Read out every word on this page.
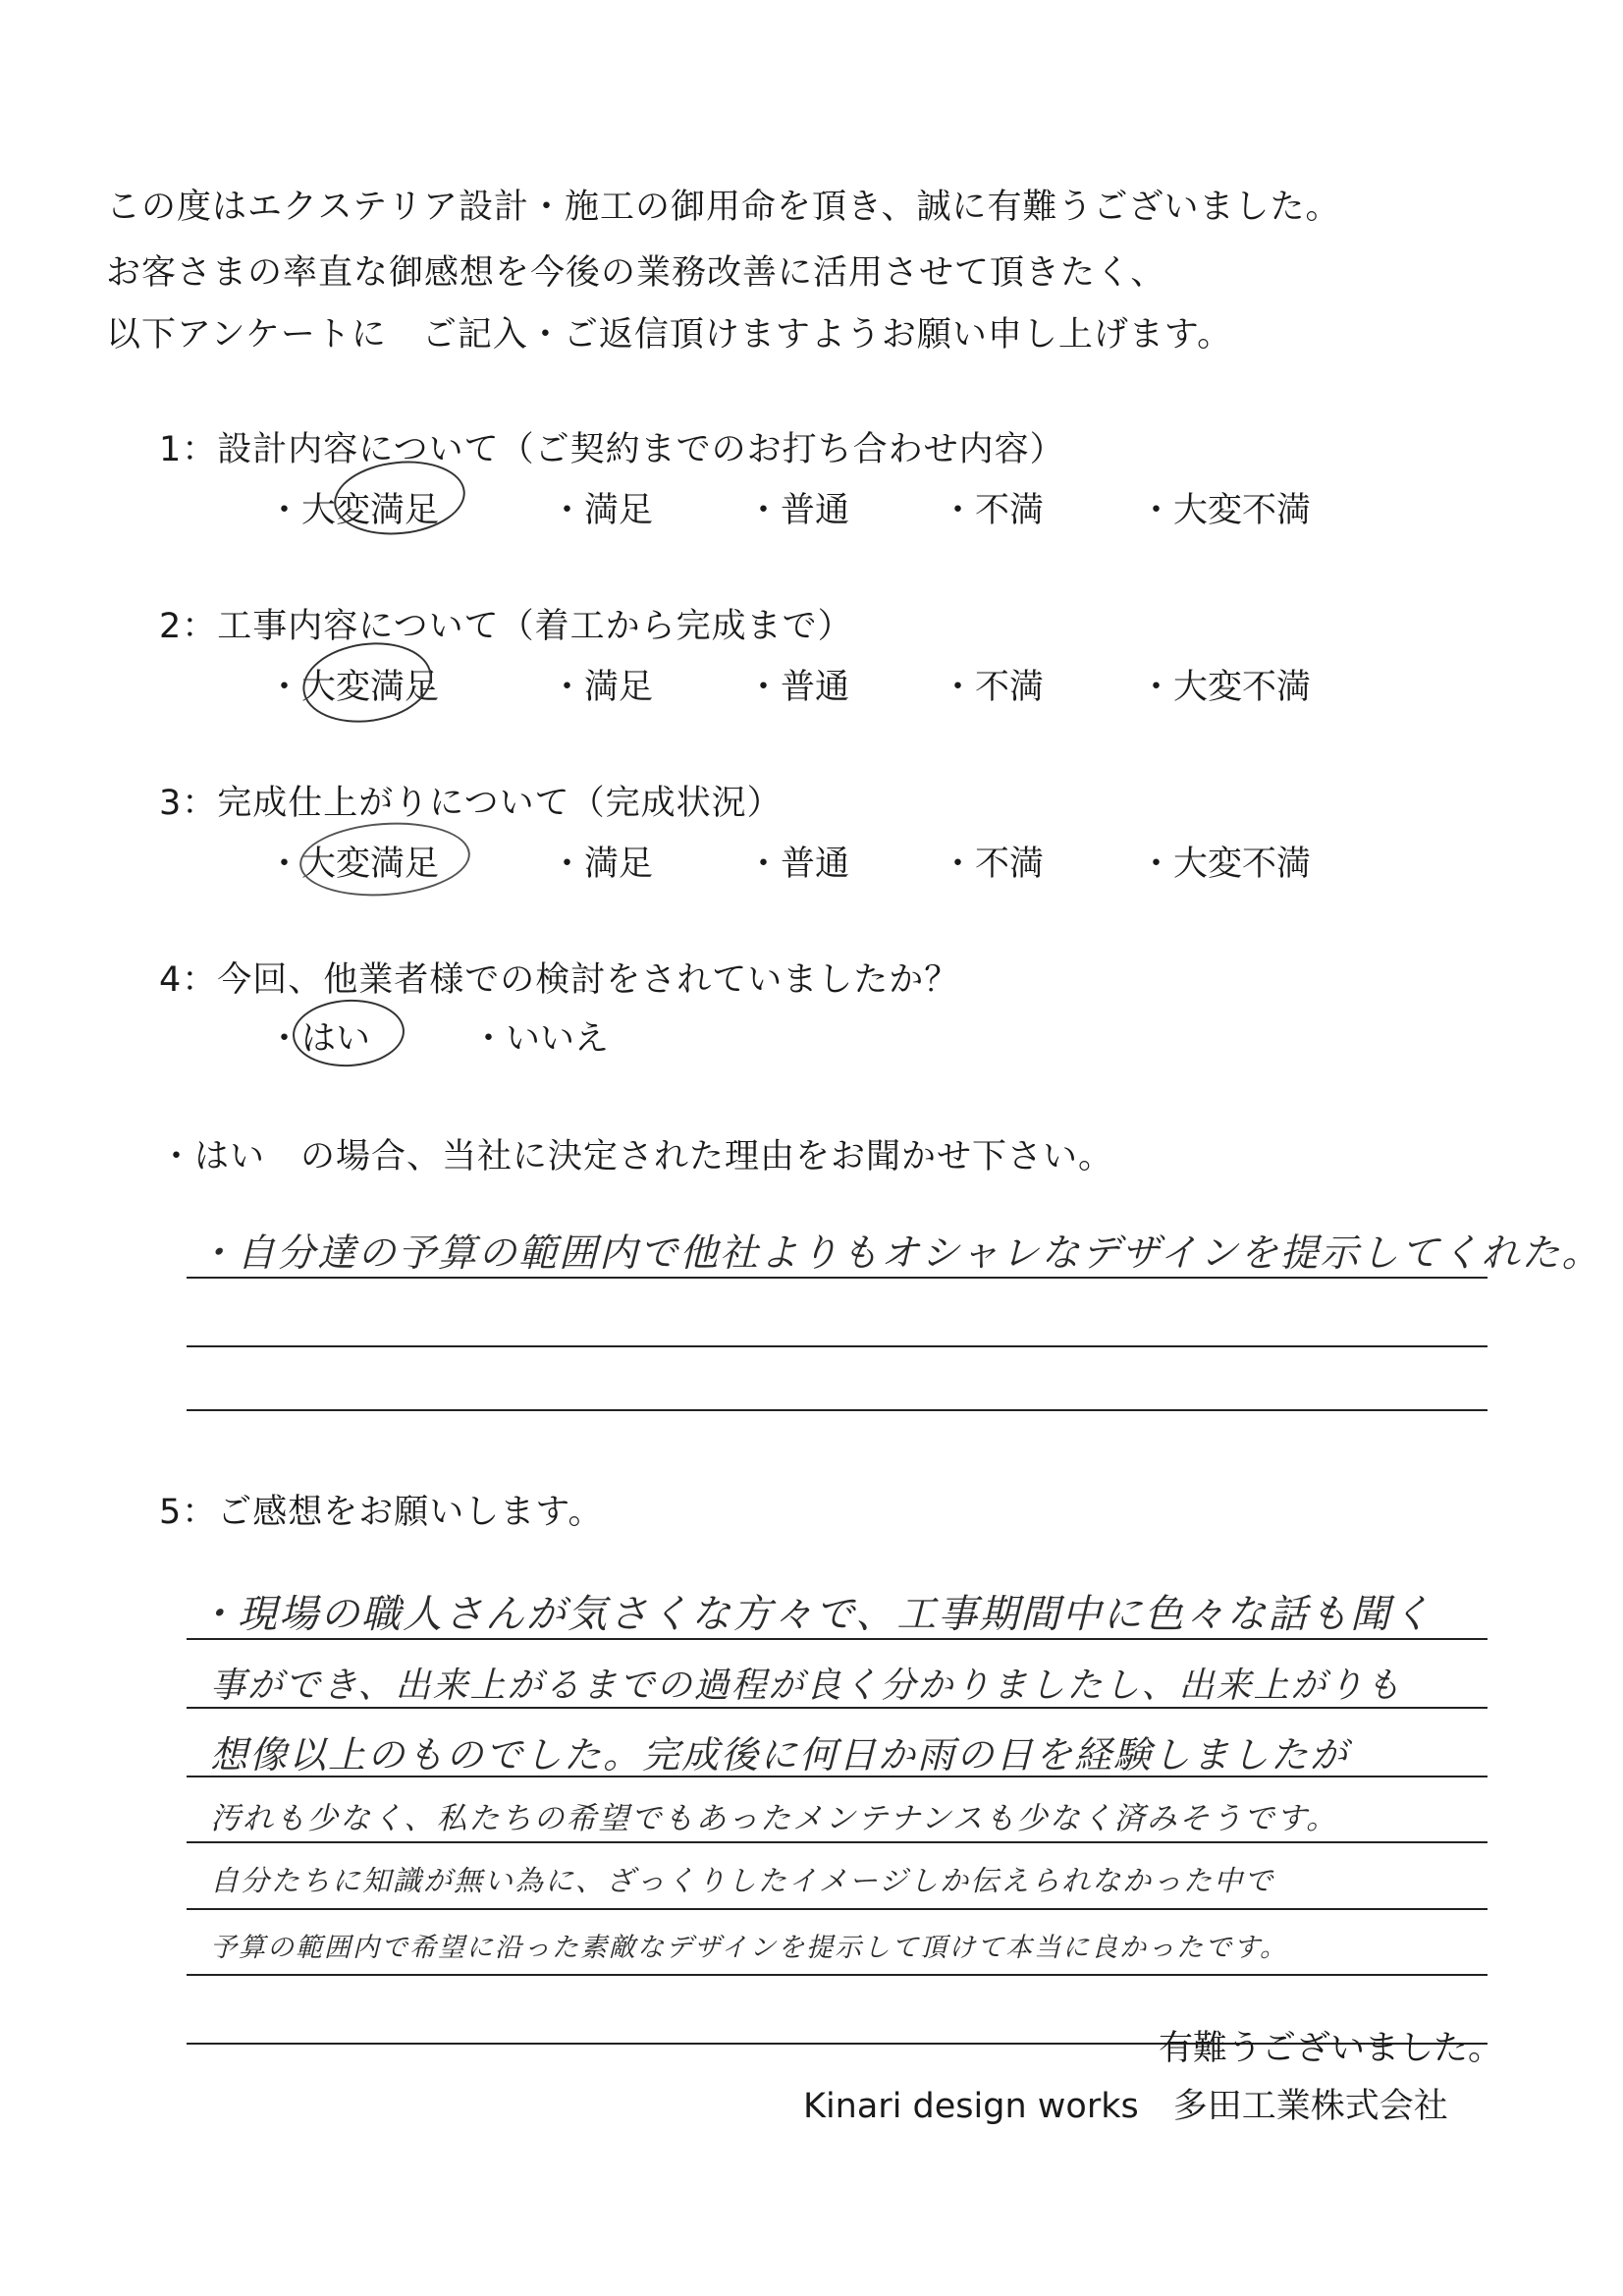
この度はエクステリア設計・施工の御用命を頂き、誠に有難うございました。
お客さまの率直な御感想を今後の業務改善に活用させて頂きたく、
以下アンケートに　ご記入・ご返信頂けますようお願い申し上げます。
1：設計内容について（ご契約までのお打ち合わせ内容）
・大変満足	・満足	・普通	・不満	・大変不満
2：工事内容について（着工から完成まで）
・大変満足	・満足	・普通	・不満	・大変不満
3：完成仕上がりについて（完成状況）
・大変満足	・満足	・普通	・不満	・大変不満
4：今回、他業者様での検討をされていましたか？
・はい	・いいえ
・はい　の場合、当社に決定された理由をお聞かせ下さい。
・自分達の予算の範囲内で他社よりもオシャレなデザインを提示してくれた。
5：ご感想をお願いします。
・現場の職人さんが気さくな方々で、工事期間中に色々な話も聞く
事ができ、出来上がるまでの過程が良く分かりましたし、出来上がりも
想像以上のものでした。完成後に何日か雨の日を経験しましたが
汚れも少なく、私たちの希望でもあったメンテナンスも少なく済みそうです。
自分たちに知識が無い為に、ざっくりしたイメージしか伝えられなかった中で
予算の範囲内で希望に沿った素敵なデザインを提示して頂けて本当に良かったです。
有難うございました。
Kinari design works　多田工業株式会社
